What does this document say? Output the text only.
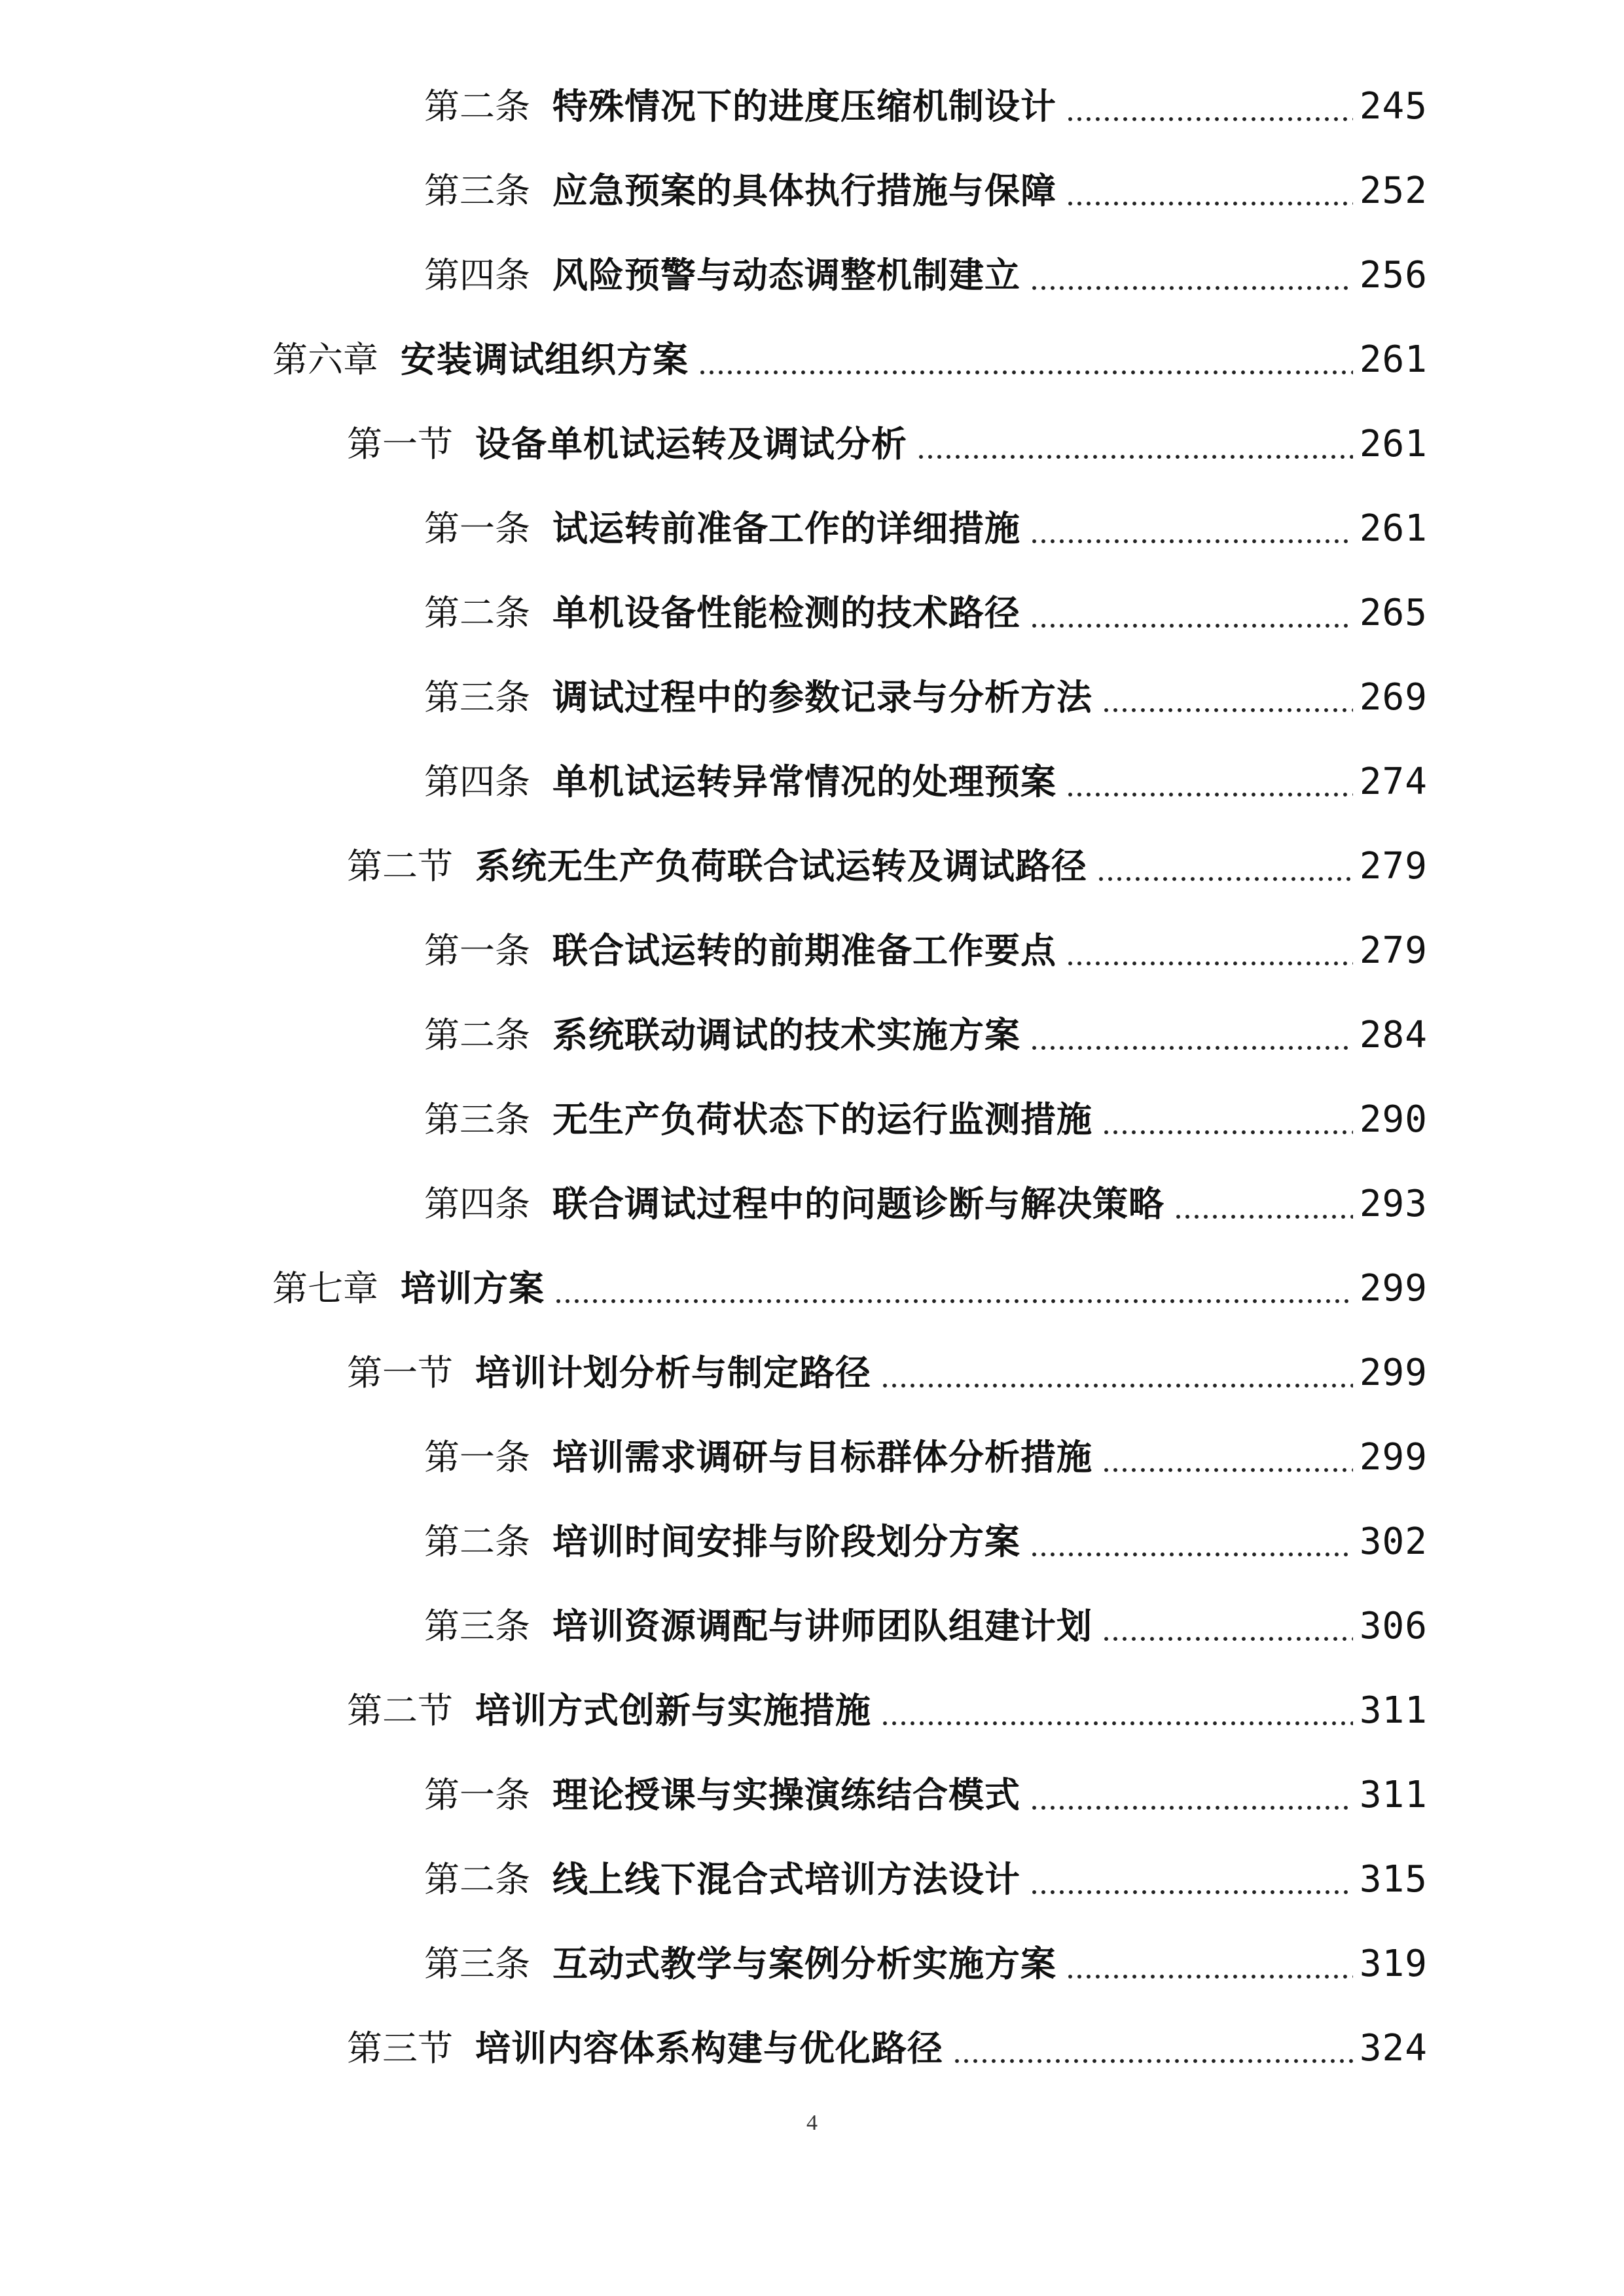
第二条 特殊情况下的进度压缩机制设计	245
第三条 应急预案的具体执行措施与保障	252
第四条 风险预警与动态调整机制建立	256
第六章 安装调试组织方案	261
第一节 设备单机试运转及调试分析	261
第一条 试运转前准备工作的详细措施	261
第二条 单机设备性能检测的技术路径	265
第三条 调试过程中的参数记录与分析方法	269
第四条 单机试运转异常情况的处理预案	274
第二节 系统无生产负荷联合试运转及调试路径	279
第一条 联合试运转的前期准备工作要点	279
第二条 系统联动调试的技术实施方案	284
第三条 无生产负荷状态下的运行监测措施	290
第四条 联合调试过程中的问题诊断与解决策略	293
第七章 培训方案	299
第一节 培训计划分析与制定路径	299
第一条 培训需求调研与目标群体分析措施	299
第二条 培训时间安排与阶段划分方案	302
第三条 培训资源调配与讲师团队组建计划	306
第二节 培训方式创新与实施措施	311
第一条 理论授课与实操演练结合模式	311
第二条 线上线下混合式培训方法设计	315
第三条 互动式教学与案例分析实施方案	319
第三节 培训内容体系构建与优化路径	324
4
